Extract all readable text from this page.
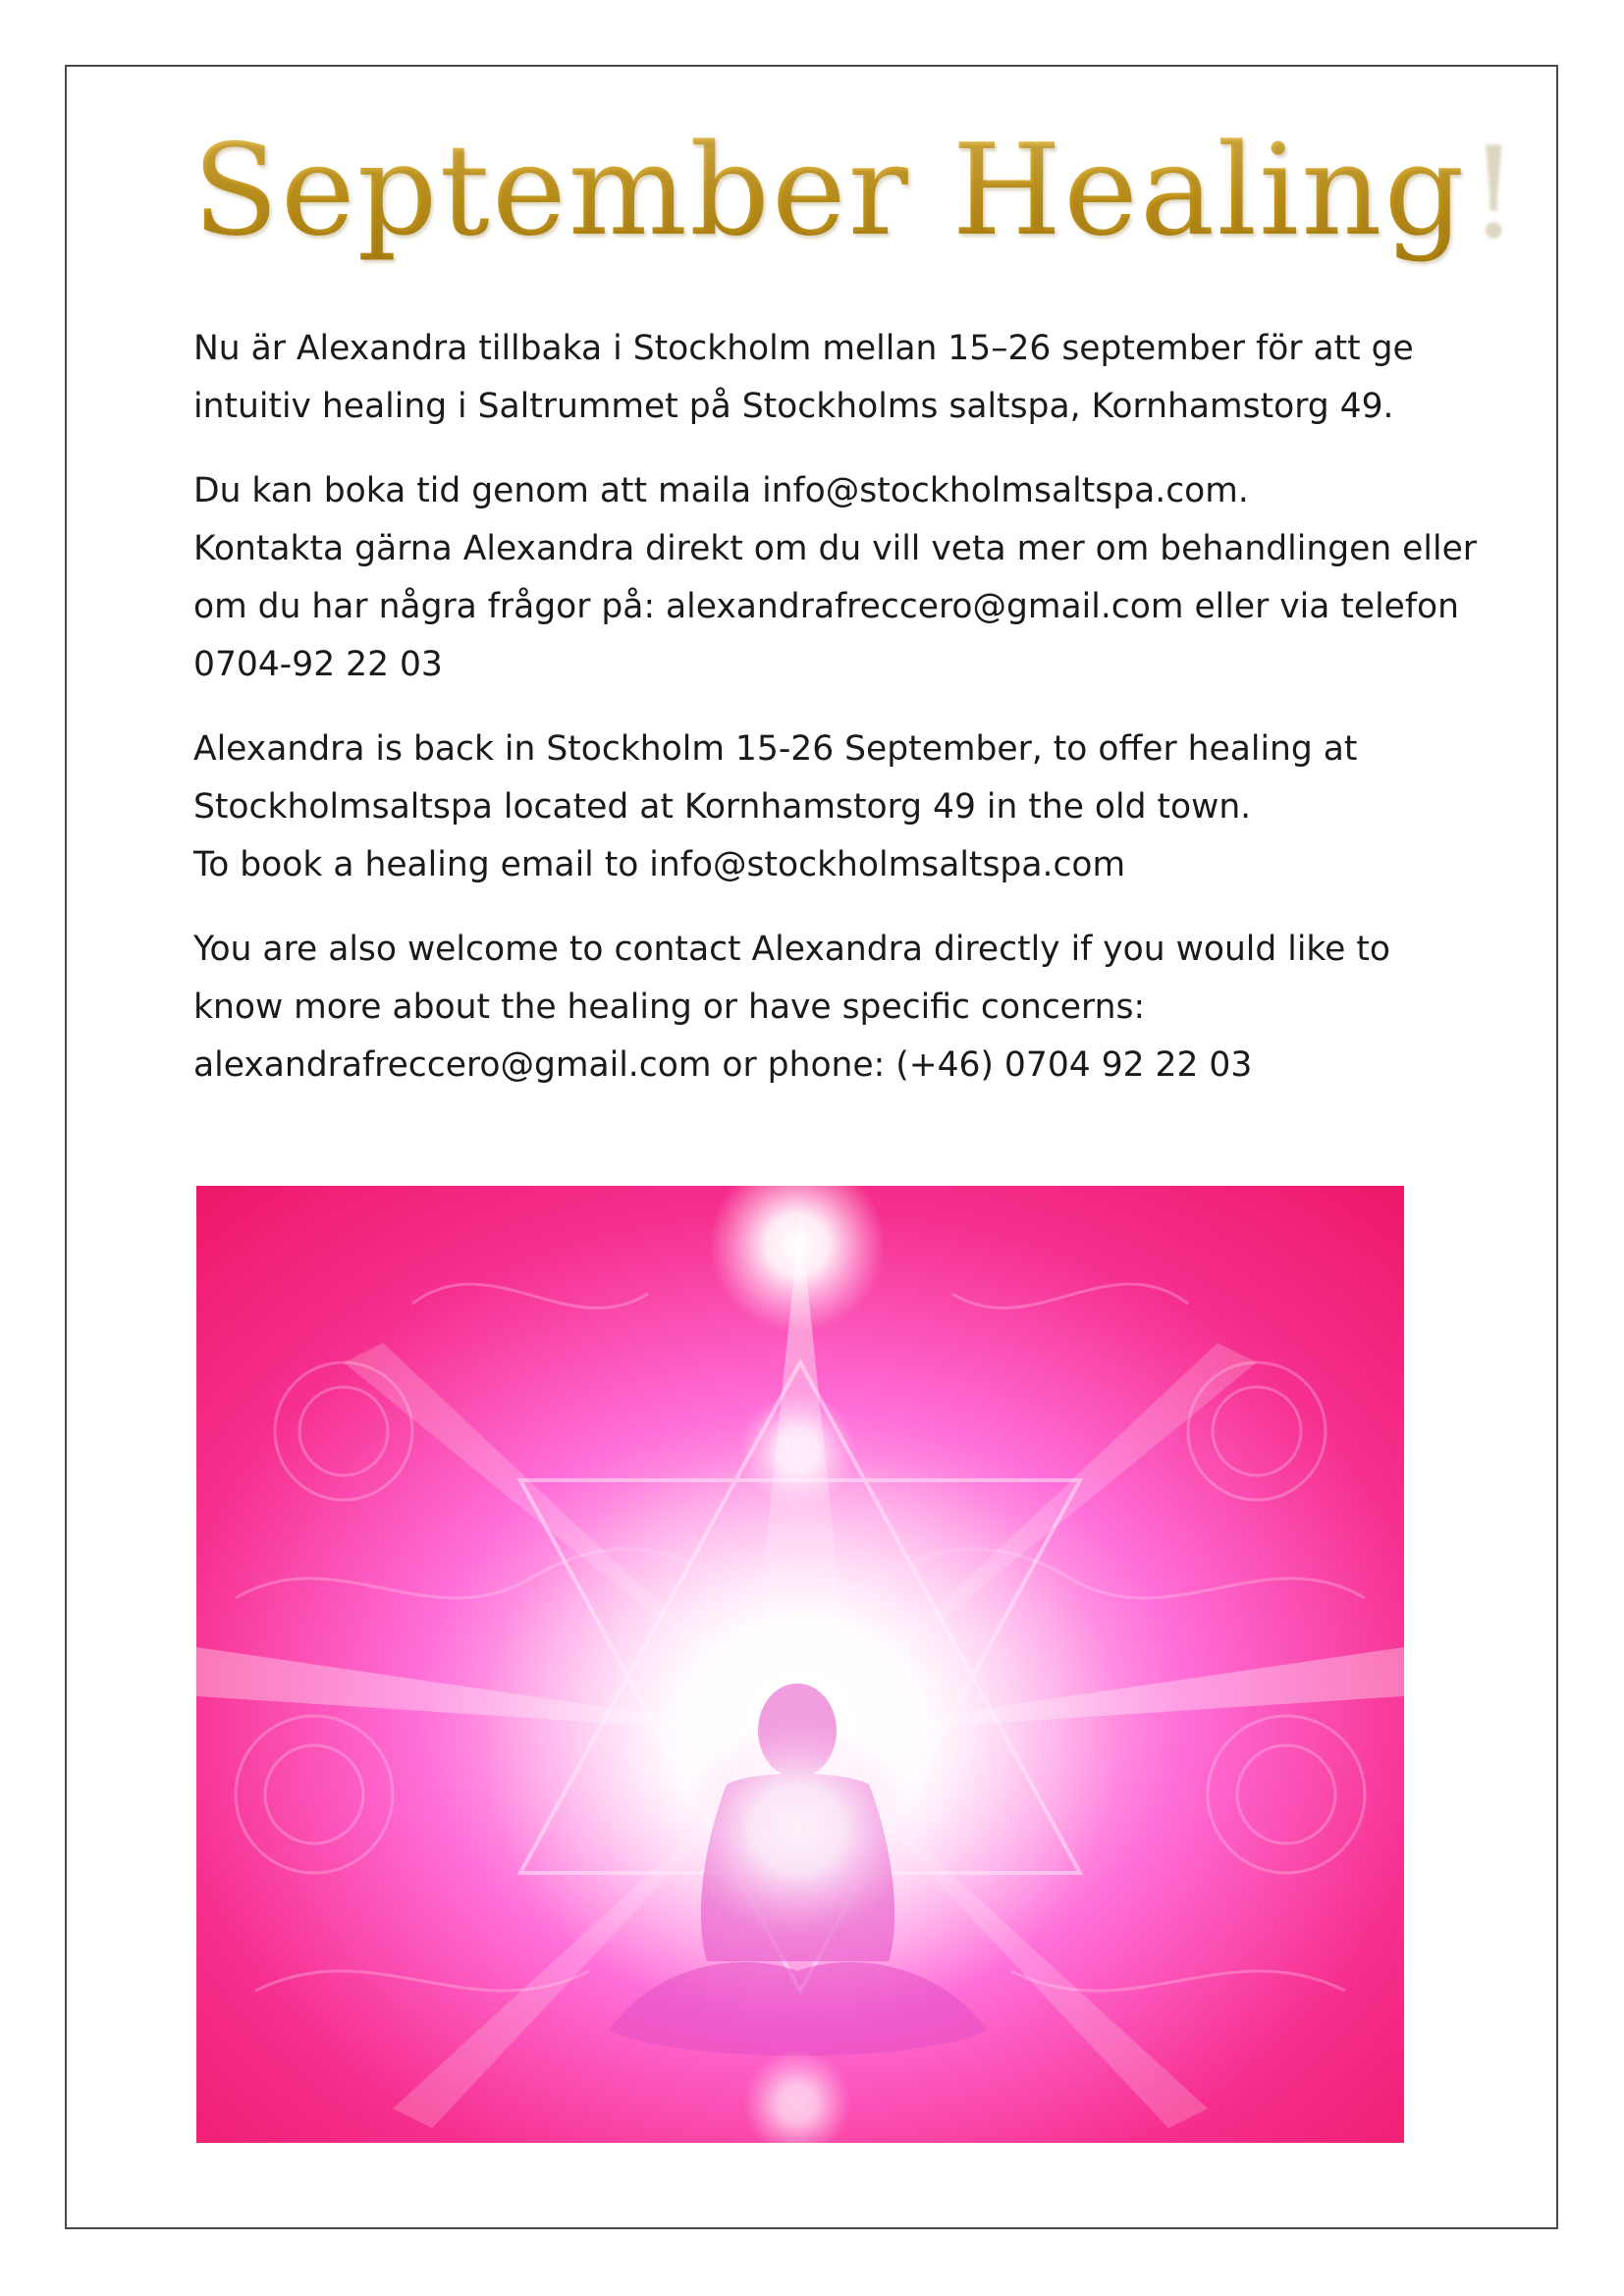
September Healing!

Nu är Alexandra tillbaka i Stockholm mellan 15–26 september för att ge
intuitiv healing i Saltrummet på Stockholms saltspa, Kornhamstorg 49.

Du kan boka tid genom att maila info@stockholmsaltspa.com.
Kontakta gärna Alexandra direkt om du vill veta mer om behandlingen eller
om du har några frågor på: alexandrafreccero@gmail.com eller via telefon
0704-92 22 03

Alexandra is back in Stockholm 15-26 September, to offer healing at
Stockholmsaltspa located at Kornhamstorg 49 in the old town.
To book a healing email to info@stockholmsaltspa.com

You are also welcome to contact Alexandra directly if you would like to
know more about the healing or have specific concerns:
alexandrafreccero@gmail.com or phone: (+46) 0704 92 22 03
